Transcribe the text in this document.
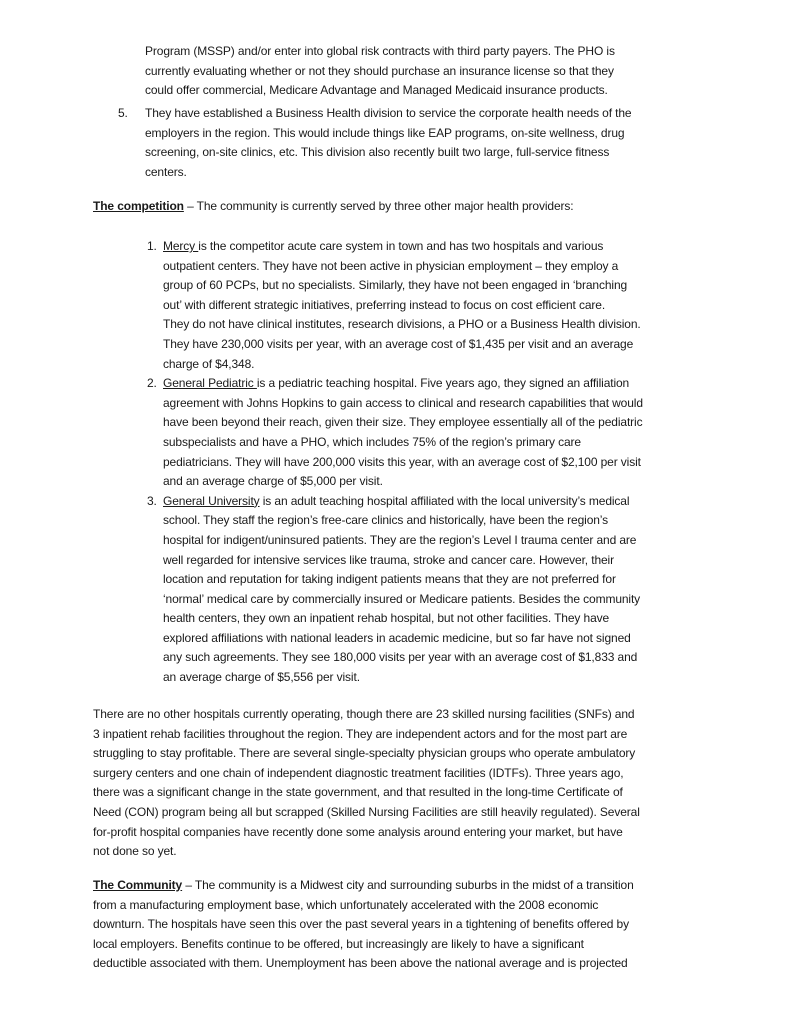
Program (MSSP) and/or enter into global risk contracts with third party payers. The PHO is
currently evaluating whether or not they should purchase an insurance license so that they
could offer commercial, Medicare Advantage and Managed Medicaid insurance products.
5. They have established a Business Health division to service the corporate health needs of the
employers in the region. This would include things like EAP programs, on-site wellness, drug
screening, on-site clinics, etc. This division also recently built two large, full-service fitness
centers.
The competition – The community is currently served by three other major health providers:
1. Mercy is the competitor acute care system in town and has two hospitals and various
outpatient centers. They have not been active in physician employment – they employ a
group of 60 PCPs, but no specialists. Similarly, they have not been engaged in ‘branching
out’ with different strategic initiatives, preferring instead to focus on cost efficient care.
They do not have clinical institutes, research divisions, a PHO or a Business Health division.
They have 230,000 visits per year, with an average cost of $1,435 per visit and an average
charge of $4,348.
2. General Pediatric is a pediatric teaching hospital. Five years ago, they signed an affiliation
agreement with Johns Hopkins to gain access to clinical and research capabilities that would
have been beyond their reach, given their size. They employee essentially all of the pediatric
subspecialists and have a PHO, which includes 75% of the region’s primary care
pediatricians. They will have 200,000 visits this year, with an average cost of $2,100 per visit
and an average charge of $5,000 per visit.
3. General University is an adult teaching hospital affiliated with the local university’s medical
school. They staff the region’s free-care clinics and historically, have been the region’s
hospital for indigent/uninsured patients. They are the region’s Level I trauma center and are
well regarded for intensive services like trauma, stroke and cancer care. However, their
location and reputation for taking indigent patients means that they are not preferred for
‘normal’ medical care by commercially insured or Medicare patients. Besides the community
health centers, they own an inpatient rehab hospital, but not other facilities. They have
explored affiliations with national leaders in academic medicine, but so far have not signed
any such agreements. They see 180,000 visits per year with an average cost of $1,833 and
an average charge of $5,556 per visit.
There are no other hospitals currently operating, though there are 23 skilled nursing facilities (SNFs) and
3 inpatient rehab facilities throughout the region. They are independent actors and for the most part are
struggling to stay profitable. There are several single-specialty physician groups who operate ambulatory
surgery centers and one chain of independent diagnostic treatment facilities (IDTFs). Three years ago,
there was a significant change in the state government, and that resulted in the long-time Certificate of
Need (CON) program being all but scrapped (Skilled Nursing Facilities are still heavily regulated). Several
for-profit hospital companies have recently done some analysis around entering your market, but have
not done so yet.
The Community – The community is a Midwest city and surrounding suburbs in the midst of a transition
from a manufacturing employment base, which unfortunately accelerated with the 2008 economic
downturn. The hospitals have seen this over the past several years in a tightening of benefits offered by
local employers. Benefits continue to be offered, but increasingly are likely to have a significant
deductible associated with them. Unemployment has been above the national average and is projected
